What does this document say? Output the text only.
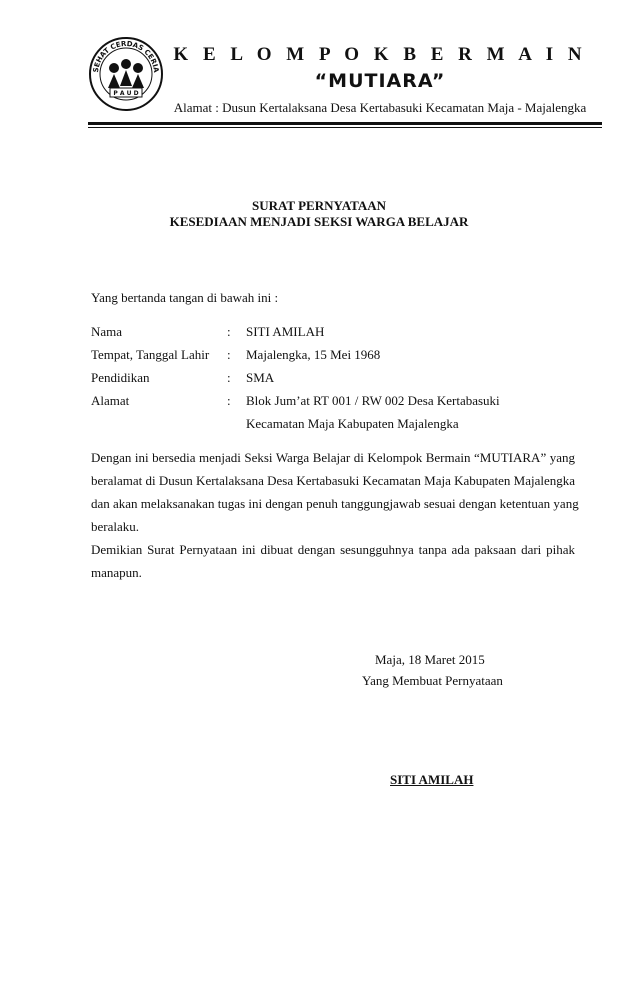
SEHAT CERDAS CERIA
P A U D
K E L O M P O K B E R M A I N
“MUTIARA”
Alamat : Dusun Kertalaksana Desa Kertabasuki Kecamatan Maja - Majalengka
SURAT PERNYATAAN
KESEDIAAN MENJADI SEKSI WARGA BELAJAR
Yang bertanda tangan di bawah ini :
Nama	: SITI AMILAH
Tempat, Tanggal Lahir : Majalengka, 15 Mei 1968
Pendidikan	: SMA
Alamat	: Blok Jum’at RT 001 / RW 002 Desa Kertabasuki
Kecamatan Maja Kabupaten Majalengka
Dengan ini bersedia menjadi Seksi Warga Belajar di Kelompok Bermain “MUTIARA” yang
beralamat di Dusun Kertalaksana Desa Kertabasuki Kecamatan Maja Kabupaten Majalengka
dan akan melaksanakan tugas ini dengan penuh tanggungjawab sesuai dengan ketentuan yang
beralaku.
Demikian Surat Pernyataan ini dibuat dengan sesungguhnya tanpa ada paksaan dari pihak
manapun.
Maja, 18 Maret 2015
Yang Membuat Pernyataan
SITI AMILAH
